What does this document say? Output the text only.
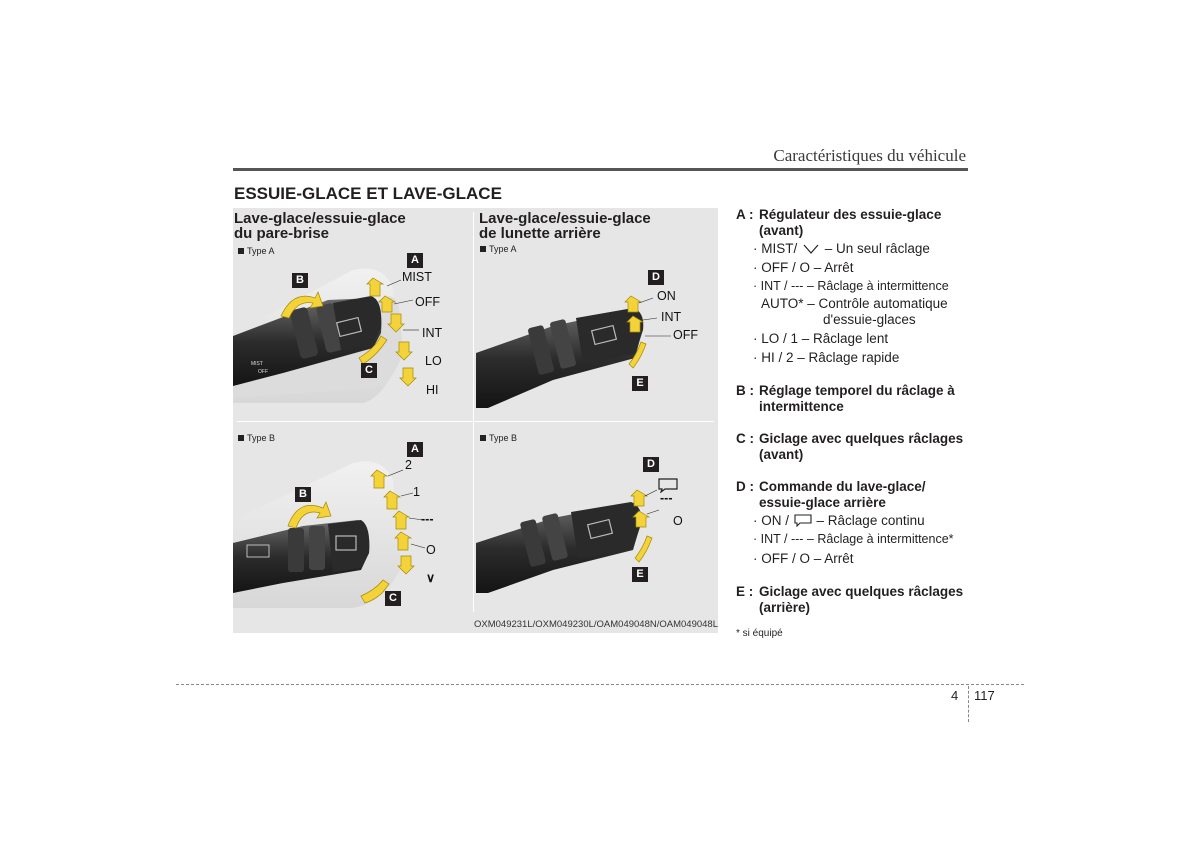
Caractéristiques du véhicule
ESSUIE-GLACE ET LAVE-GLACE
Lave-glace/essuie-glace
du pare-brise
Lave-glace/essuie-glace
de lunette arrière
Type A	Type A
Type B	Type B
MIST
OFF
MIST
OFF
INT
LO
HI
2
1
---
O
∨
ON
INT
OFF
---
O
A
B
C
A
B
C
D
E
D
E
OXM049231L/OXM049230L/OAM049048N/OAM049048L
A : Régulateur des essuie-glace
(avant)
· MIST/ – Un seul râclage
· OFF / O – Arrêt
· INT / --- – Râclage à intermittence
AUTO* – Contrôle automatique
d'essuie-glaces
· LO / 1 – Râclage lent
· HI / 2 – Râclage rapide
B : Réglage temporel du râclage à
intermittence
C : Giclage avec quelques râclages
(avant)
D : Commande du lave-glace/
essuie-glace arrière
· ON / – Râclage continu
· INT / --- – Râclage à intermittence*
· OFF / O – Arrêt
E : Giclage avec quelques râclages
(arrière)
* si équipé
4 117
